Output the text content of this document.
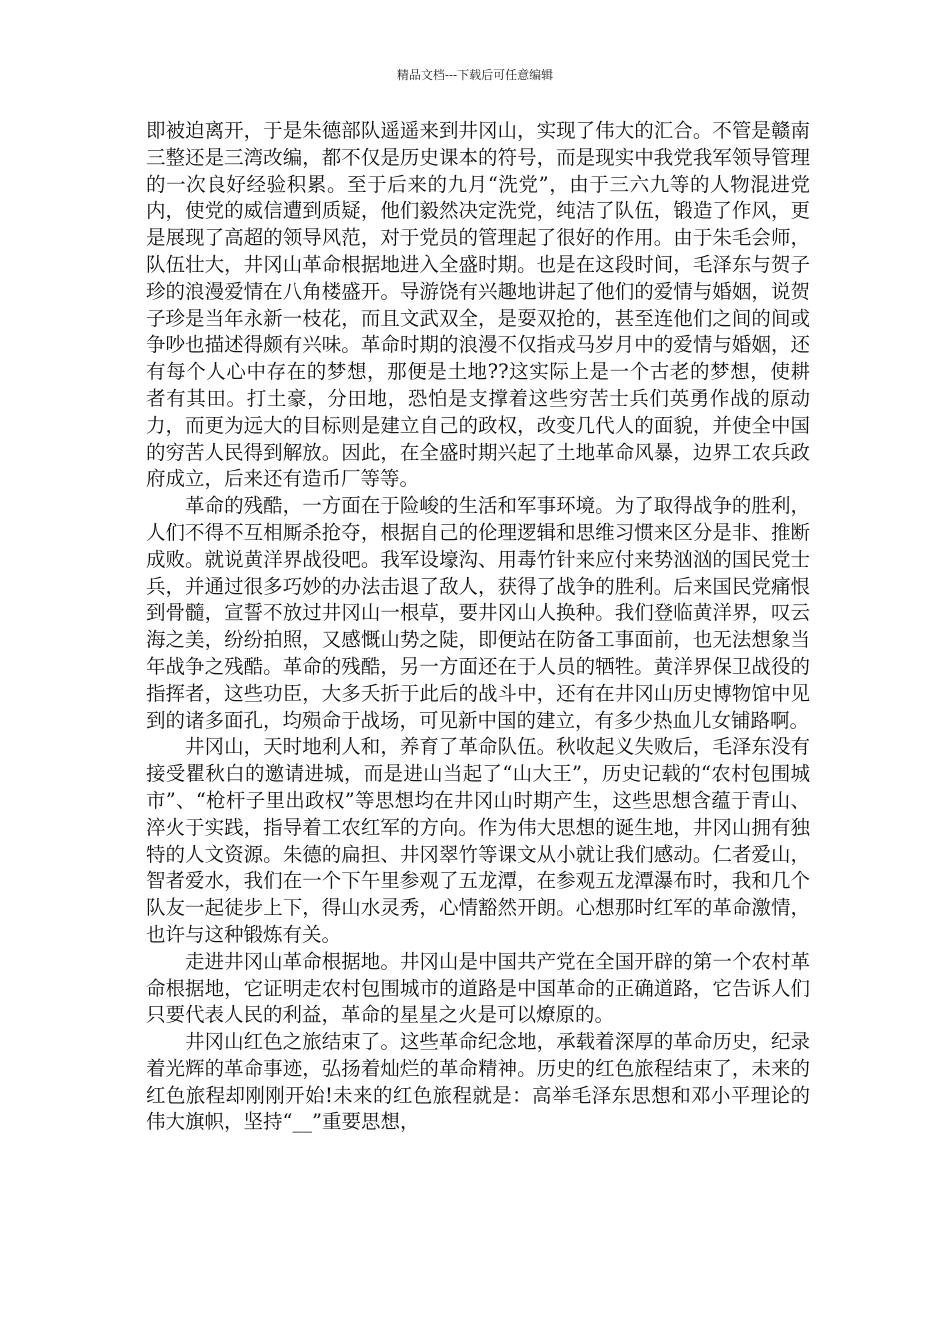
精品文档---下载后可任意编辑

即被迫离开，于是朱德部队遥遥来到井冈山，实现了伟大的汇合。不管是赣南三整还是三湾改编，都不仅是历史课本的符号，而是现实中我党我军领导管理的一次良好经验积累。至于后来的九月“洗党”，由于三六九等的人物混进党内，使党的威信遭到质疑，他们毅然决定洗党，纯洁了队伍，锻造了作风，更是展现了高超的领导风范，对于党员的管理起了很好的作用。由于朱毛会师，队伍壮大，井冈山革命根据地进入全盛时期。也是在这段时间，毛泽东与贺子珍的浪漫爱情在八角楼盛开。导游饶有兴趣地讲起了他们的爱情与婚姻，说贺子珍是当年永新一枝花，而且文武双全，是耍双抢的，甚至连他们之间的间或争吵也描述得颇有兴味。革命时期的浪漫不仅指戎马岁月中的爱情与婚姻，还有每个人心中存在的梦想，那便是土地??这实际上是一个古老的梦想，使耕者有其田。打土豪，分田地，恐怕是支撑着这些穷苦士兵们英勇作战的原动力，而更为远大的目标则是建立自己的政权，改变几代人的面貌，并使全中国的穷苦人民得到解放。因此，在全盛时期兴起了土地革命风暴，边界工农兵政府成立，后来还有造币厂等等。

革命的残酷，一方面在于险峻的生活和军事环境。为了取得战争的胜利，人们不得不互相厮杀抢夺，根据自己的伦理逻辑和思维习惯来区分是非、推断成败。就说黄洋界战役吧。我军设壕沟、用毒竹针来应付来势汹汹的国民党士兵，并通过很多巧妙的办法击退了敌人，获得了战争的胜利。后来国民党痛恨到骨髓，宣誓不放过井冈山一根草，要井冈山人换种。我们登临黄洋界，叹云海之美，纷纷拍照，又感慨山势之陡，即便站在防备工事面前，也无法想象当年战争之残酷。革命的残酷，另一方面还在于人员的牺牲。黄洋界保卫战役的指挥者，这些功臣，大多夭折于此后的战斗中，还有在井冈山历史博物馆中见到的诸多面孔，均殒命于战场，可见新中国的建立，有多少热血儿女铺路啊。

井冈山，天时地利人和，养育了革命队伍。秋收起义失败后，毛泽东没有接受瞿秋白的邀请进城，而是进山当起了“山大王”，历史记载的“农村包围城市”、“枪杆子里出政权”等思想均在井冈山时期产生，这些思想含蕴于青山、淬火于实践，指导着工农红军的方向。作为伟大思想的诞生地，井冈山拥有独特的人文资源。朱德的扁担、井冈翠竹等课文从小就让我们感动。仁者爱山，智者爱水，我们在一个下午里参观了五龙潭，在参观五龙潭瀑布时，我和几个队友一起徒步上下，得山水灵秀，心情豁然开朗。心想那时红军的革命激情，也许与这种锻炼有关。

走进井冈山革命根据地。井冈山是中国共产党在全国开辟的第一个农村革命根据地，它证明走农村包围城市的道路是中国革命的正确道路，它告诉人们只要代表人民的利益，革命的星星之火是可以燎原的。

井冈山红色之旅结束了。这些革命纪念地，承载着深厚的革命历史，纪录着光辉的革命事迹，弘扬着灿烂的革命精神。历史的红色旅程结束了，未来的红色旅程却刚刚开始!未来的红色旅程就是：高举毛泽东思想和邓小平理论的伟大旗帜，坚持“__”重要思想，
